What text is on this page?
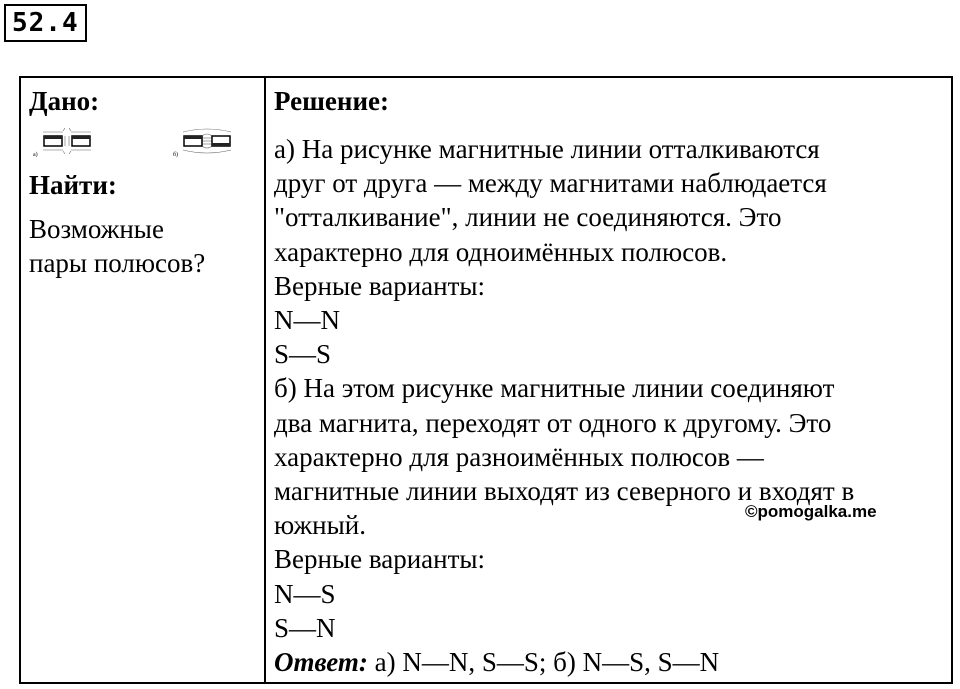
52.4
Дано:
а)	б)
Найти:
Возможные
пары полюсов?
Решение:
а) На рисунке магнитные линии отталкиваются
друг от друга — между магнитами наблюдается
"отталкивание", линии не соединяются. Это
характерно для одноимённых полюсов.
Верные варианты:
N—N
S—S
б) На этом рисунке магнитные линии соединяют
два магнита, переходят от одного к другому. Это
характерно для разноимённых полюсов —
магнитные линии выходят из северного и входят в
южный.
Верные варианты:
N—S
S—N
Ответ: а) N—N, S—S; б) N—S, S—N
©pomogalka.me
